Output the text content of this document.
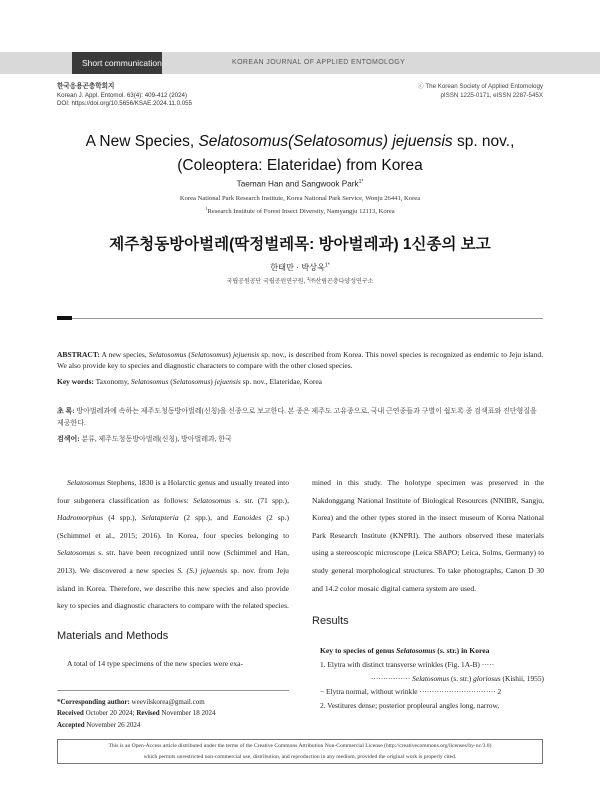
Short communication	KOREAN JOURNAL OF APPLIED ENTOMOLOGY
한국응용곤충학회지
Korean J. Appl. Entomol. 63(4): 409-412 (2024)
DOI: https://doi.org/10.5656/KSAE.2024.11.0.055
ⓒ The Korean Society of Applied Entomology
pISSN 1225-0171, eISSN 2287-545X
A New Species, Selatosomus(Selatosomus) jejuensis sp. nov.,
(Coleoptera: Elateridae) from Korea
Taeman Han and Sangwook Park$^{1*}$
Korea National Park Research Institute, Korea National Park Service, Wonju 26441, Korea
$^1$Research Institute of Forest Insect Diversity, Namyangju 12113, Korea
제주청동방아벌레(딱정벌레목: 방아벌레과) 1신종의 보고
한태만 · 박상욱$^{1*}$
국립공원공단 국립공원연구원, $^1$㈜산림곤충다양성연구소
ABSTRACT: A new species, Selatosomus (Selatosomus) jejuensis sp. nov., is described from Korea. This novel species is recognized as endemic to Jeju island. We also provide key to species and diagnostic characters to compare with the other closed species.
Key words: Taxonomy, Selatosomus (Selatosomus) jejuensis sp. nov., Elateridae, Korea
초 록: 방아벌레과에 속하는 제주도청동방아벌레(신칭)을 신종으로 보고한다. 본 종은 제주도 고유종으로, 국내 근연종들과 구별이 쉽도록 종 검색표와 진단형질을 제공한다.
검색어: 분류, 제주도청동방아벌레(신칭), 방아벌레과, 한국
Selatosomus Stephens, 1830 is a Holarctic genus and usually treated into four subgenera classification as follows: Selatosomus s. str. (71 spp.), Hadromorphus (4 spp.), Selatapteria (2 spp.), and Eanoides (2 sp.) (Schimmel et al., 2015; 2016). In Korea, four species belonging to Selatosomus s. str. have been recognized until now (Schimmel and Han, 2013). We discovered a new species S. (S.) jejuensis sp. nov. from Jeju island in Korea. Therefore, we describe this new species and also provide key to species and diagnostic characters to compare with the related species.
Materials and Methods
A total of 14 type specimens of the new species were exa-
mined in this study. The holotype specimen was preserved in the Nakdonggang National Institute of Biological Resources (NNIBR, Sangju, Korea) and the other types stored in the insect museum of Korea National Park Research Institute (KNPRI). The authors observed these materials using a stereoscopic microscope (Leica S8APO; Leica, Solms, Germany) to study general morphological structures. To take photographs, Canon D 30 and 14.2 color mosaic digital camera system are used.
Results
Key to species of genus Selatosomus (s. str.) in Korea
1. Elytra with distinct transverse wrinkles (Fig. 1A-B) ·····
················ Selatosomus (s. str.) gloriosus (Kishii, 1955)
− Elytra normal, without wrinkle ······························· 2
2. Vestitures dense; posterior propleural angles long, narrow,
*Corresponding author: weevilskorea@gmail.com
Received October 20 2024; Revised November 18 2024
Accepted November 26 2024
This is an Open-Access article distributed under the terms of the Creative Commons Attribution Non-Commercial License (http://creativecommons.org/licenses/by-nc/3.0)
which permits unrestricted non-commercial use, distribution, and reproduction in any medium, provided the original work is properly cited.
